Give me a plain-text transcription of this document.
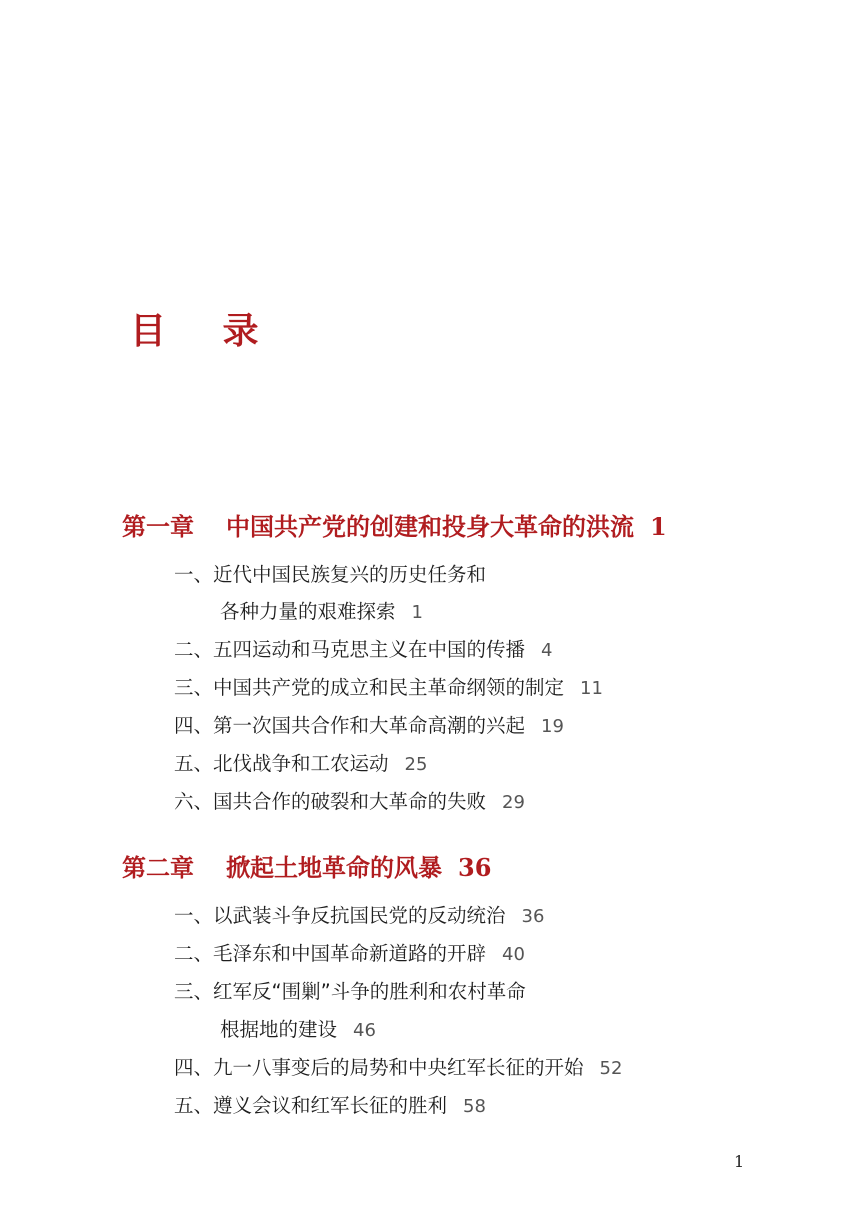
目 录
第一章 中国共产党的创建和投身大革命的洪流 1
一、近代中国民族复兴的历史任务和
各种力量的艰难探索 1
二、五四运动和马克思主义在中国的传播 4
三、中国共产党的成立和民主革命纲领的制定 11
四、第一次国共合作和大革命高潮的兴起 19
五、北伐战争和工农运动 25
六、国共合作的破裂和大革命的失败 29
第二章 掀起土地革命的风暴 36
一、以武装斗争反抗国民党的反动统治 36
二、毛泽东和中国革命新道路的开辟 40
三、红军反“围剿”斗争的胜利和农村革命
根据地的建设 46
四、九一八事变后的局势和中央红军长征的开始 52
五、遵义会议和红军长征的胜利 58
1
